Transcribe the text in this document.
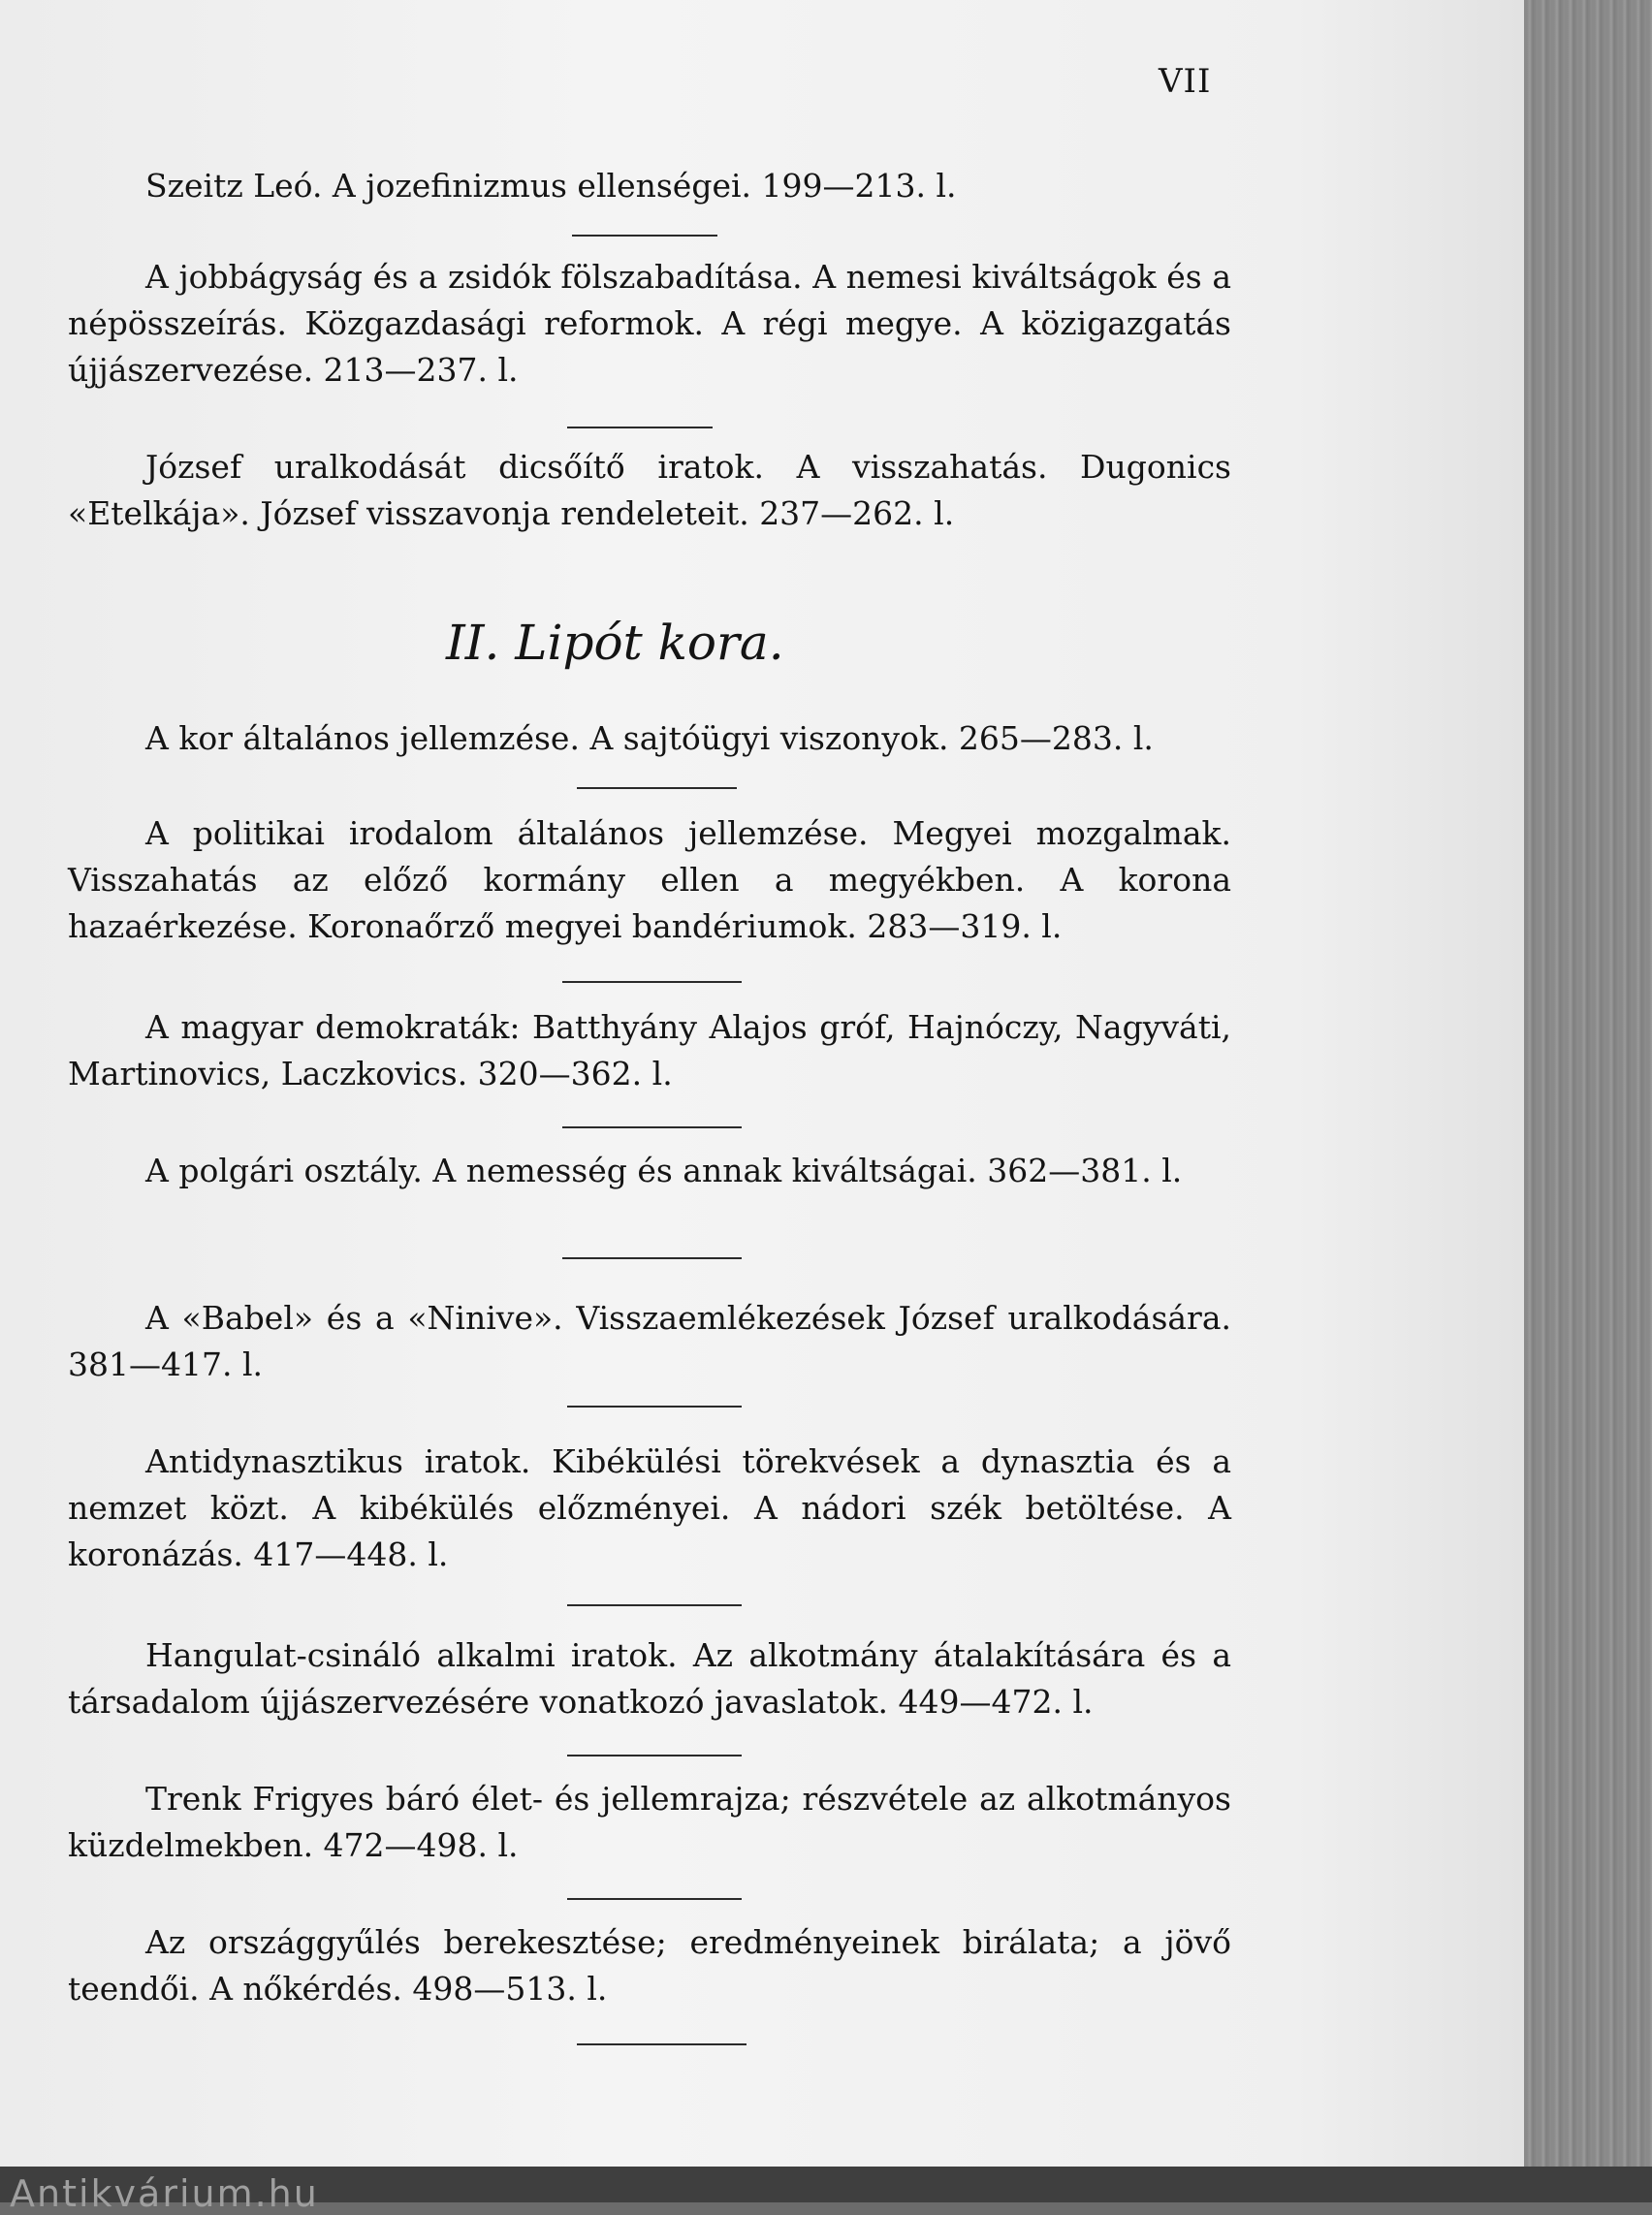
VII

Szeitz Leó. A jozefinizmus ellenségei. 199—213. l.

A jobbágyság és a zsidók fölszabadítása. A nemesi kiváltságok és a népösszeírás. Közgazdasági reformok. A régi megye. A közigazgatás újjászervezése. 213—237. l.

József uralkodását dicsőítő iratok. A visszahatás. Dugonics «Etelkája». József visszavonja rendeleteit. 237—262. l.

II. Lipót kora.

A kor általános jellemzése. A sajtóügyi viszonyok. 265—283. l.

A politikai irodalom általános jellemzése. Megyei mozgalmak. Visszahatás az előző kormány ellen a megyékben. A korona hazaérkezése. Koronaőrző megyei bandériumok. 283—319. l.

A magyar demokraták: Batthyány Alajos gróf, Hajnóczy, Nagyváti, Martinovics, Laczkovics. 320—362. l.

A polgári osztály. A nemesség és annak kiváltságai. 362—381. l.

A «Babel» és a «Ninive». Visszaemlékezések József uralkodására. 381—417. l.

Antidynasztikus iratok. Kibékülési törekvések a dynasztia és a nemzet közt. A kibékülés előzményei. A nádori szék betöltése. A koronázás. 417—448. l.

Hangulat-csináló alkalmi iratok. Az alkotmány átalakítására és a társadalom újjászervezésére vonatkozó javaslatok. 449—472. l.

Trenk Frigyes báró élet- és jellemrajza; részvétele az alkotmányos küzdelmekben. 472—498. l.

Az országgyűlés berekesztése; eredményeinek birálata; a jövő teendői. A nőkérdés. 498—513. l.

Antikvárium.hu
